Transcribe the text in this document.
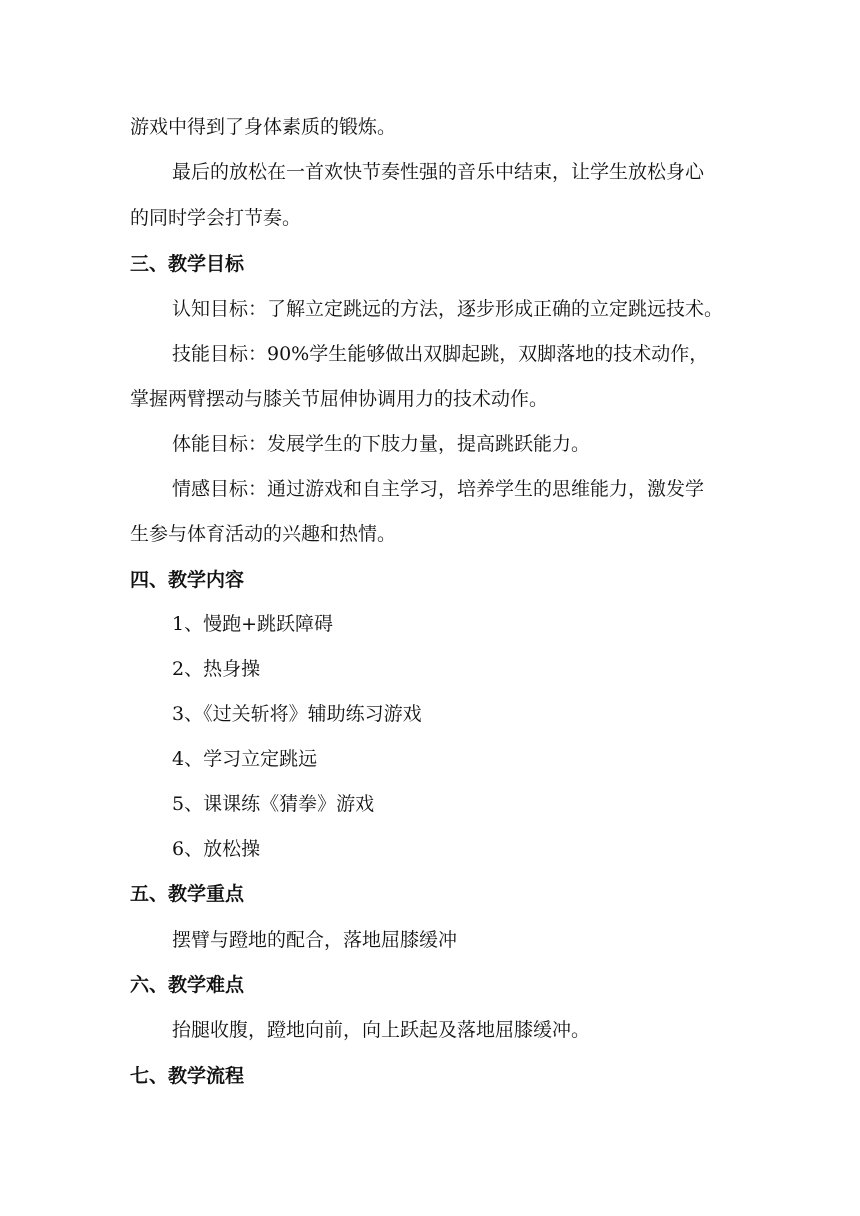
游戏中得到了身体素质的锻炼。
最后的放松在一首欢快节奏性强的音乐中结束，让学生放松身心
的同时学会打节奏。
三、教学目标
认知目标：了解立定跳远的方法，逐步形成正确的立定跳远技术。
技能目标：90%学生能够做出双脚起跳，双脚落地的技术动作，
掌握两臂摆动与膝关节屈伸协调用力的技术动作。
体能目标：发展学生的下肢力量，提高跳跃能力。
情感目标：通过游戏和自主学习，培养学生的思维能力，激发学
生参与体育活动的兴趣和热情。
四、教学内容
1、慢跑+跳跃障碍
2、热身操
3、《过关斩将》辅助练习游戏
4、学习立定跳远
5、课课练《猜拳》游戏
6、放松操
五、教学重点
摆臂与蹬地的配合，落地屈膝缓冲
六、教学难点
抬腿收腹，蹬地向前，向上跃起及落地屈膝缓冲。
七、教学流程
